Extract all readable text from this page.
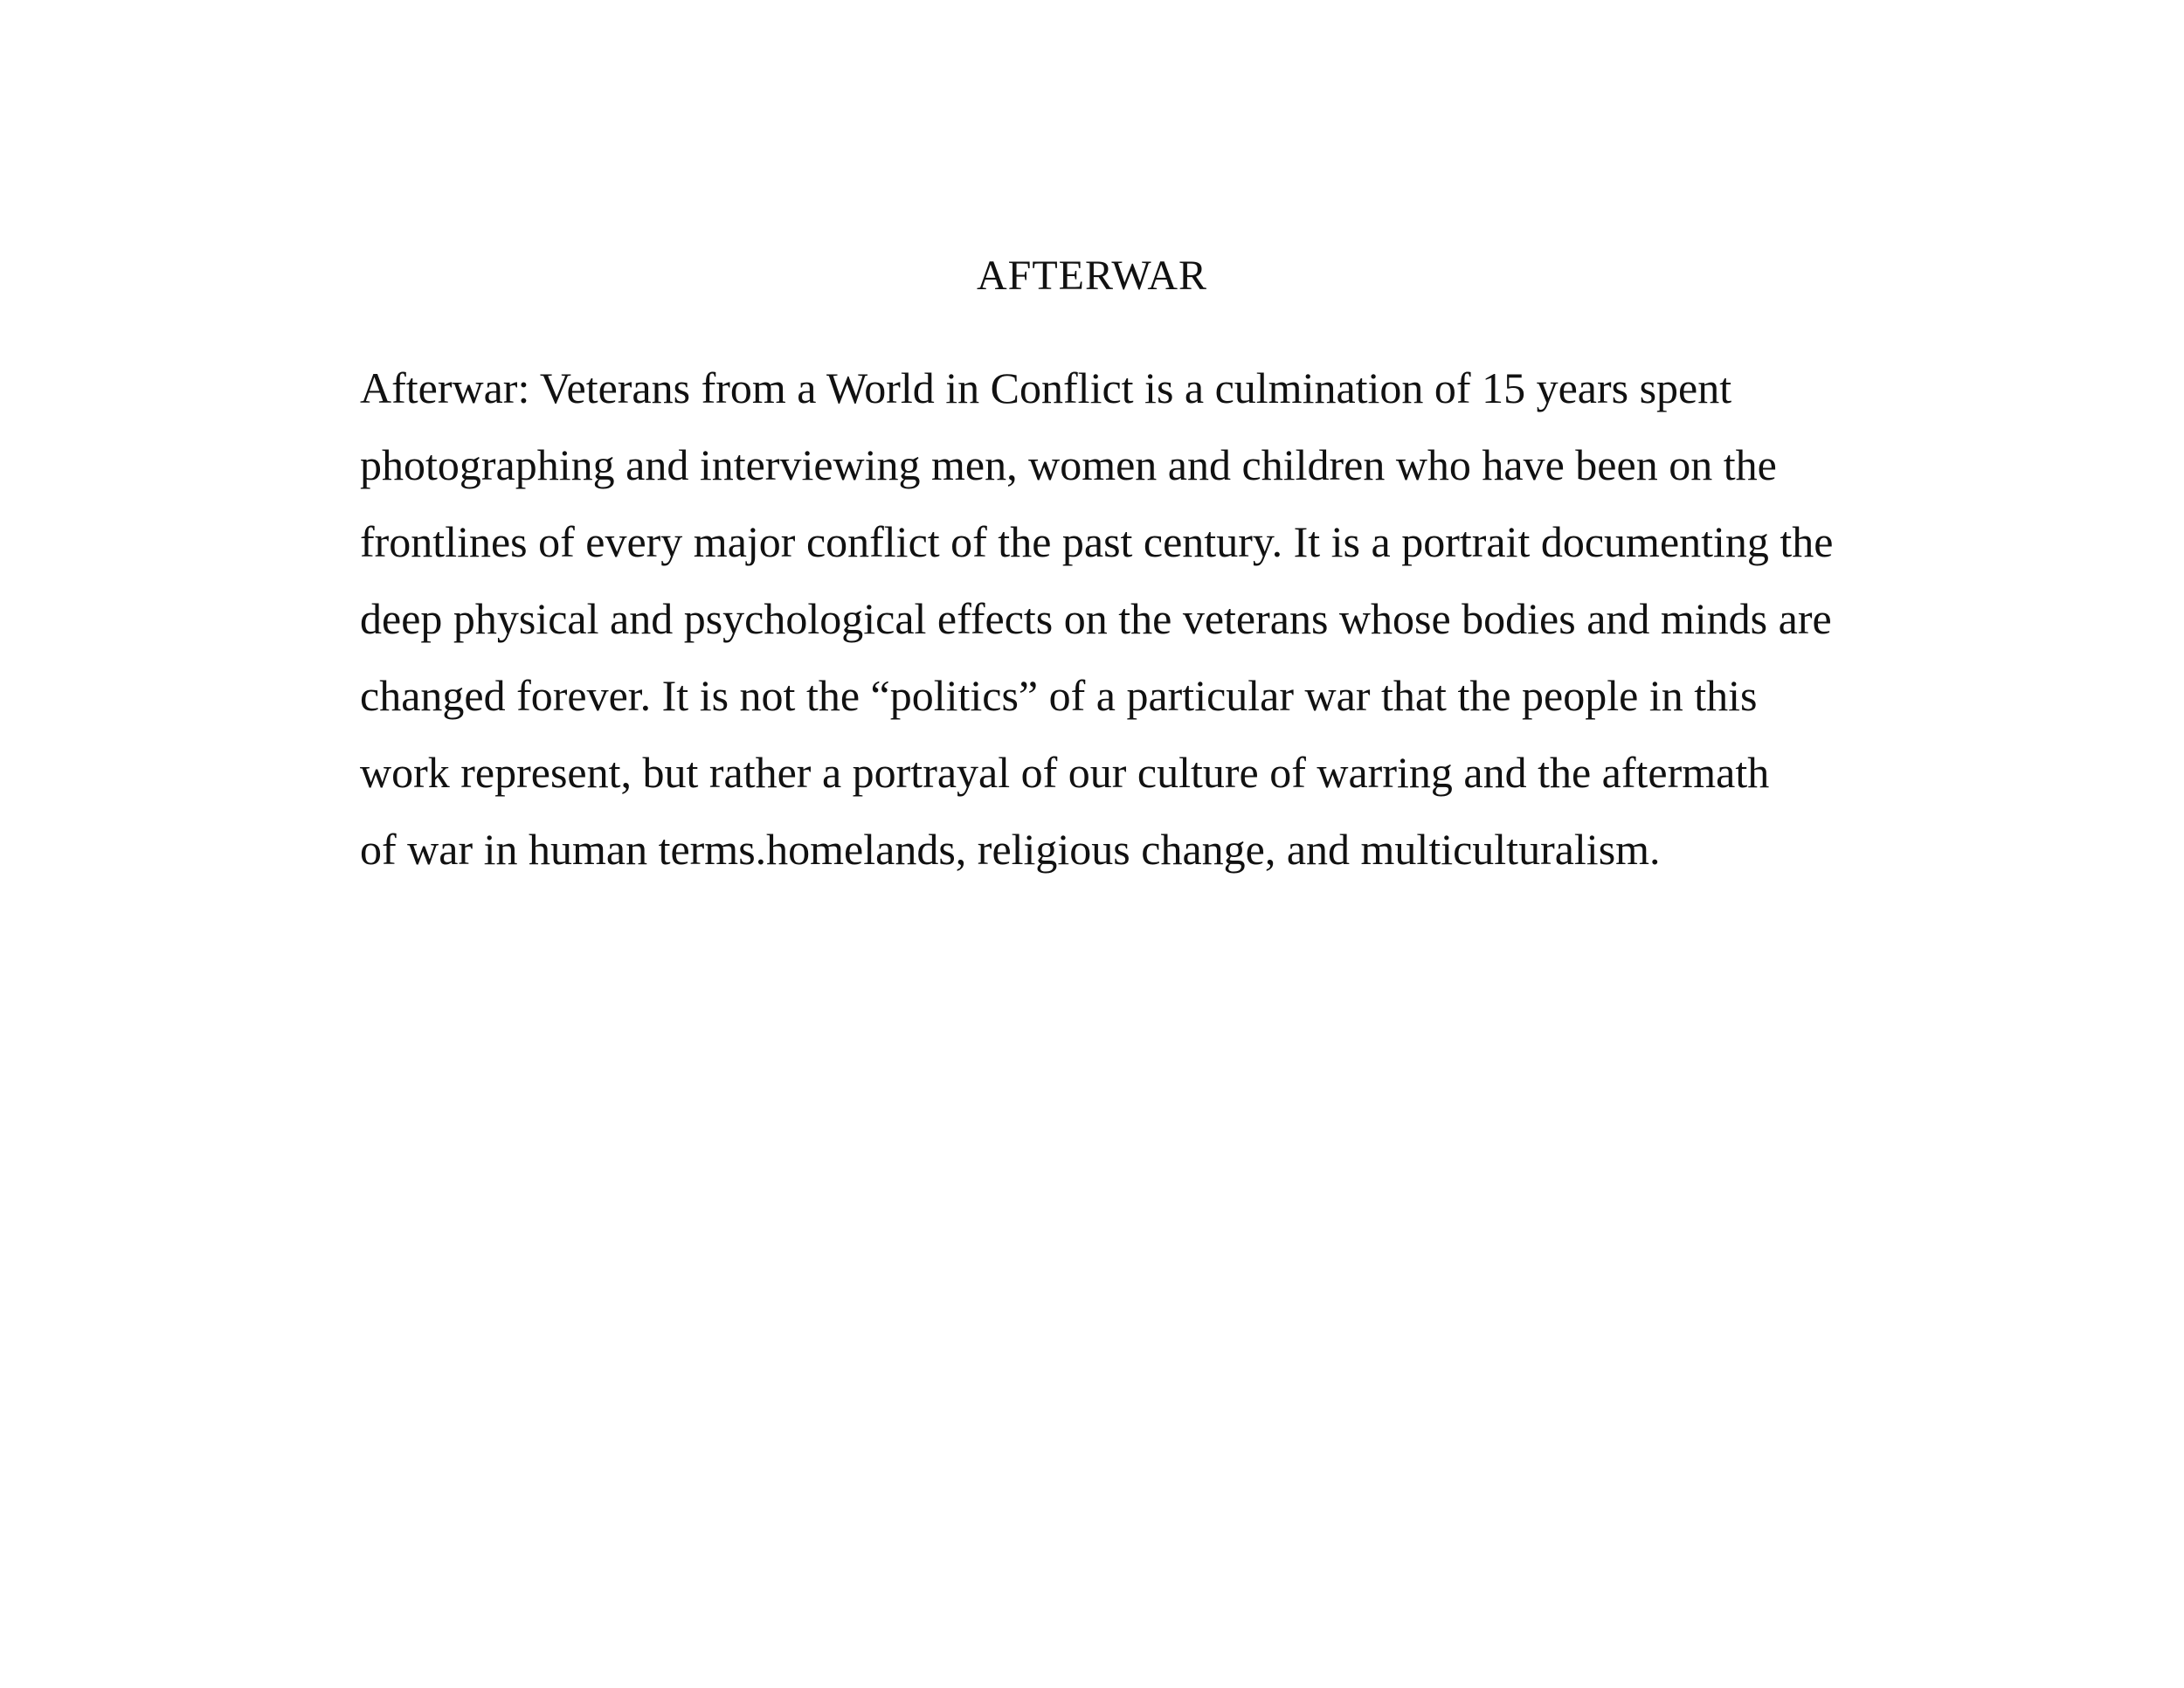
AFTERWAR
Afterwar: Veterans from a World in Conflict is a culmination of 15 years spent
photographing and interviewing men, women and children who have been on the
frontlines of every major conflict of the past century. It is a portrait documenting the
deep physical and psychological effects on the veterans whose bodies and minds are
changed forever. It is not the “politics” of a particular war that the people in this
work represent, but rather a portrayal of our culture of warring and the aftermath
of war in human terms.homelands, religious change, and multiculturalism.
